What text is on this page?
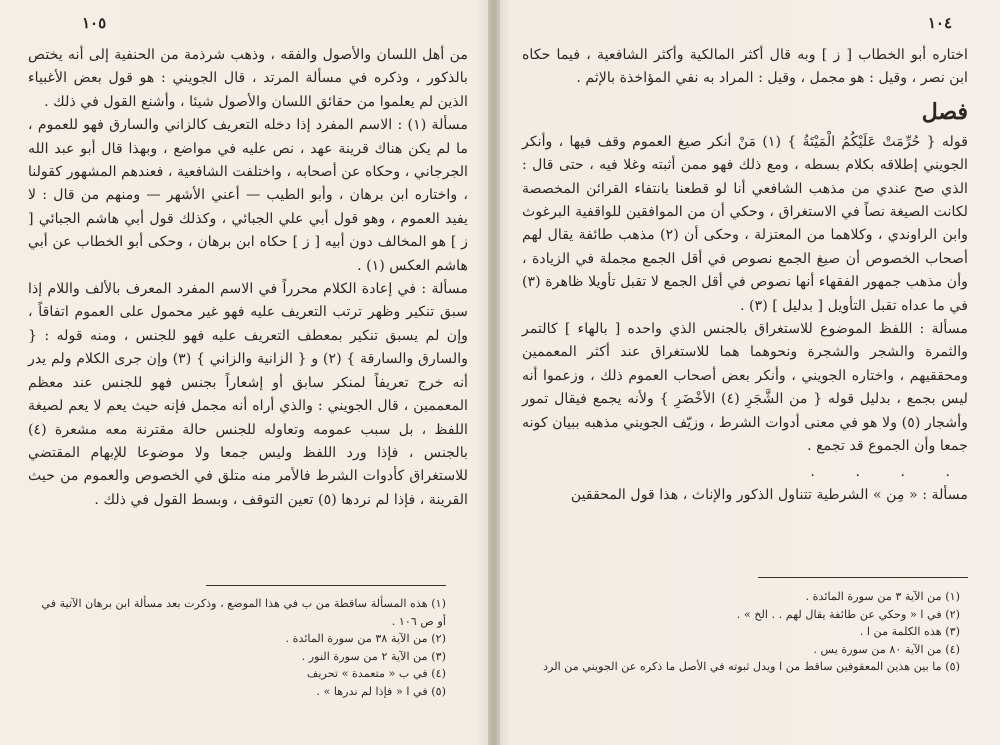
١٠٥

من أهل اللسان والأصول والفقه ، وذهب شرذمة من الحنفية إلى أنه يختص بالذكور ، وذكره في مسألة المرتد ، قال الجويني : هو قول بعض الأغبياء الذين لم يعلموا من حقائق اللسان والأصول شيئا ، وأشنع القول في ذلك .

مسألة (١) : الاسم المفرد إذا دخله التعريف كالزاني والسارق فهو للعموم ، ما لم يكن هناك قرينة عهد ، نص عليه في مواضع ، وبهذا قال أبو عبد الله الجرجاني ، وحكاه عن أصحابه ، واختلفت الشافعية ، فعندهم المشهور كقولنا ، واختاره ابن برهان ، وأبو الطيب — أعني الأشهر — ومنهم من قال : لا يفيد العموم ، وهو قول أبي علي الجبائي ، وكذلك قول أبي هاشم الجبائي [ ز ] هو المخالف دون أبيه [ ز ] حكاه ابن برهان ، وحكى أبو الخطاب عن أبي هاشم العكس (١) .

مسألة : في إعادة الكلام محرراً في الاسم المفرد المعرف بالألف واللام إذا سبق تنكير وظهر ترتب التعريف عليه فهو غير محمول على العموم اتفاقاً ، وإن لم يسبق تنكير بمعطف التعريف عليه فهو للجنس ، ومنه قوله : { والسارق والسارقة } (٢) و { الزانية والزاني } (٣) وإن جرى الكلام ولم يدر أنه خرج تعريفاً لمنكر سابق أو إشعاراً بجنس فهو للجنس عند معظم المعممين ، قال الجويني : والذي أراه أنه مجمل فإنه حيث يعم لا يعم لصيغة اللفظ ، بل سبب عمومه وتعاوله للجنس حالة مقترنة معه مشعرة (٤) بالجنس ، فإذا ورد اللفظ وليس جمعا ولا موضوعا للإبهام المقتضي للاستغراق كأدوات الشرط فالأمر منه متلق في الخصوص والعموم من حيث القرينة ، فإذا لم نردها (٥) تعين التوقف ، وبسط القول في ذلك .

(١) هذه المسألة ساقطة من ب في هذا الموضع ، وذكرت بعد مسألة ابن برهان الآتية في أو ص ١٠٦ .

(٢) من الآية ٣٨ من سورة المائدة .

(٣) من الآية ٢ من سورة النور .

(٤) في ب « متعمدة » تحريف

(٥) في ا « فإذا لم ندرها » .

١٠٤

اختاره أبو الخطاب [ ز ] وبه قال أكثر المالكية وأكثر الشافعية ، فيما حكاه ابن نصر ، وقيل : هو مجمل ، وقيل : المراد به نفي المؤاخذة بالإثم .

فصل

قوله { حُرِّمَتْ عَلَيْكُمُ الْمَيْتَةُ } (١) مَنْ أنكر صيغ العموم وقف فيها ، وأنكر الجويني إطلاقه بكلام بسطه ، ومع ذلك فهو ممن أثبته وغلا فيه ، حتى قال : الذي صح عندي من مذهب الشافعي أنا لو قطعنا بانتفاء القرائن المخصصة لكانت الصيغة نصاً في الاستغراق ، وحكي أن من الموافقين للواقفية البرغوث وابن الراوندي ، وكلاهما من المعتزلة ، وحكى أن (٢) مذهب طائفة يقال لهم أصحاب الخصوص أن صيغ الجمع نصوص في أقل الجمع مجملة في الزيادة ، وأن مذهب جمهور الفقهاء أنها نصوص في أقل الجمع لا تقبل تأويلا ظاهرة (٣) في ما عداه تقبل التأويل [ بدليل ] (٣) .

مسألة : اللفظ الموضوع للاستغراق بالجنس الذي واحده [ بالهاء ] كالتمر والثمرة والشجر والشجرة ونحوهما هما للاستغراق عند أكثر المعممين ومحققيهم ، واختاره الجويني ، وأنكر بعض أصحاب العموم ذلك ، وزعموا أنه ليس بجمع ، بدليل قوله { من الشَّجَرِ (٤) الأخْضَرِ } ولأنه يجمع فيقال تمور وأشجار (٥) ولا هو في معنى أدوات الشرط ، وزيّف الجويني مذهبه ببيان كونه جمعا وأن الجموع قد تجمع .

. . . .

مسألة : « مِن » الشرطية تتناول الذكور والإناث ، هذا قول المحققين

(١) من الآية ٣ من سورة المائدة .

(٢) في ا « وحكي عن طائفة يقال لهم . . الخ » .

(٣) هذه الكلمة من ا .

(٤) من الآية ٨٠ من سورة يس .

(٥) ما بين هذين المعقوفين ساقط من ا ويدل ثبوته في الأصل ما ذكره عن الجويني من الرد
